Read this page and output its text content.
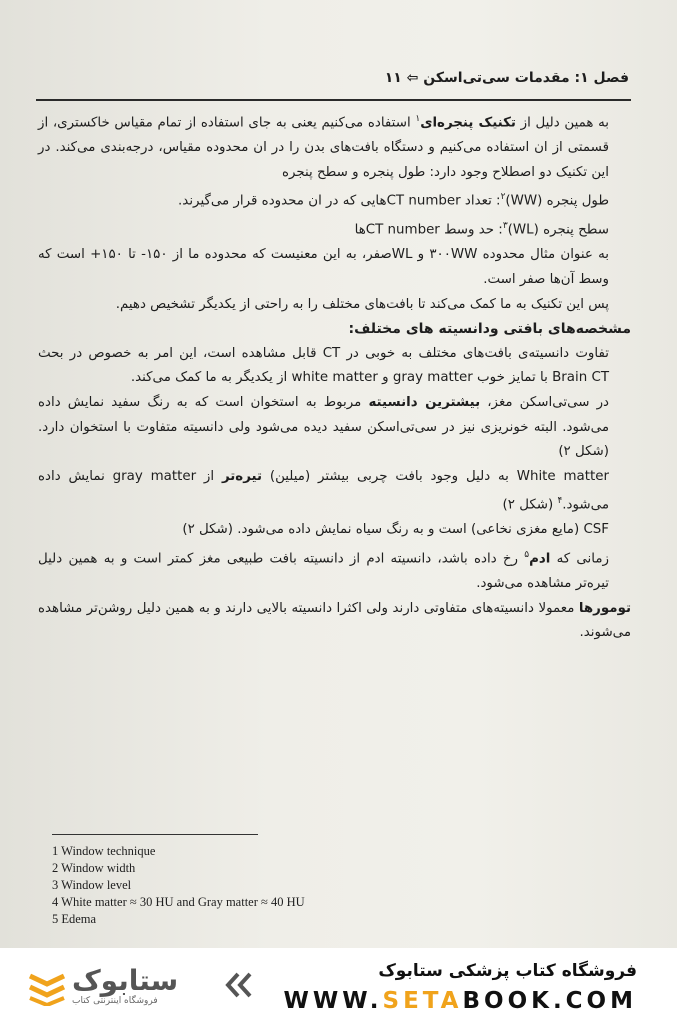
فصل ۱: مقدمات سی‌تی‌اسکن ⇦ ۱۱

به همین دلیل از تکنیک پنجره‌ای$^۱$ استفاده می‌کنیم یعنی به جای استفاده از تمام مقیاس خاکستری، از قسمتی از ان استفاده می‌کنیم و دستگاه بافت‌های بدن را در ان محدوده مقیاس، درجه‌بندی می‌کند. در این تکنیک دو اصطلاح وجود دارد: طول پنجره و سطح پنجره

طول پنجره (WW)$^۲$: تعداد CT numberهایی که در ان محدوده قرار می‌گیرند.

سطح پنجره (WL)$^۳$: حد وسط CT numberها

به عنوان مثال محدوده ۳۰۰WW و WLصفر، به این معنیست که محدوده ما از ۱۵۰- تا ۱۵۰+ است که وسط آن‌ها صفر است.

پس این تکنیک به ما کمک می‌کند تا بافت‌های مختلف را به راحتی از یکدیگر تشخیص دهیم.

مشخصه‌های بافتی ودانسیته های مختلف:

تفاوت دانسیته‌ی بافت‌های مختلف به خوبی در CT قابل مشاهده است، این امر به خصوص در بحث Brain CT با تمایز خوب gray matter و white matter از یکدیگر به ما کمک می‌کند.

در سی‌تی‌اسکن مغز، بیشترین دانسیته مربوط به استخوان است که به رنگ سفید نمایش داده می‌شود. البته خونریزی نیز در سی‌تی‌اسکن سفید دیده می‌شود ولی دانسیته متفاوت با استخوان دارد. (شکل ۲)

White matter به دلیل وجود بافت چربی بیشتر (میلین) تیره‌تر از gray matter نمایش داده می‌شود.$^۴$ (شکل ۲)

CSF (مایع مغزی نخاعی) است و به رنگ سیاه نمایش داده می‌شود. (شکل ۲)

زمانی که ادم$^۵$ رخ داده باشد، دانسیته ادم از دانسیته بافت طبیعی مغز کمتر است و به همین دلیل تیره‌تر مشاهده می‌شود.

تومورها معمولا دانسیته‌های متفاوتی دارند ولی اکثرا دانسیته بالایی دارند و به همین دلیل روشن‌تر مشاهده می‌شوند.

1 Window technique
2 Window width
3 Window level
4 White matter ≈ 30 HU and Gray matter ≈ 40 HU
5 Edema
ستابوک
فروشگاه اینترنتی کتاب
فروشگاه کتاب پزشکی ستابوک
WWW.SETABOOK.COM
